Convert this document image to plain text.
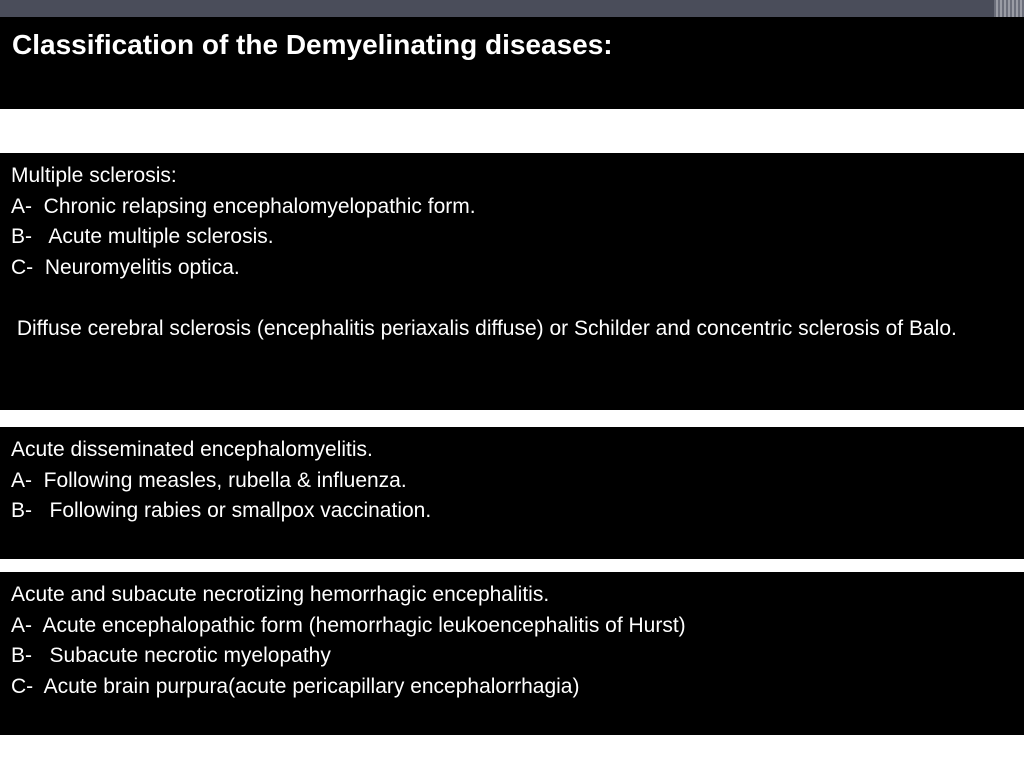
Classification of the Demyelinating diseases:
Multiple sclerosis:
A-  Chronic relapsing encephalomyelopathic form.
B-   Acute multiple sclerosis.
C-  Neuromyelitis optica.
Diffuse cerebral sclerosis (encephalitis periaxalis diffuse) or Schilder and concentric sclerosis of Balo.
Acute disseminated encephalomyelitis.
A-  Following measles, rubella & influenza.
B-   Following rabies or smallpox vaccination.
Acute and subacute necrotizing hemorrhagic encephalitis.
A-  Acute encephalopathic form (hemorrhagic leukoencephalitis of Hurst)
B-   Subacute necrotic myelopathy
C-  Acute brain purpura(acute pericapillary encephalorrhagia)
